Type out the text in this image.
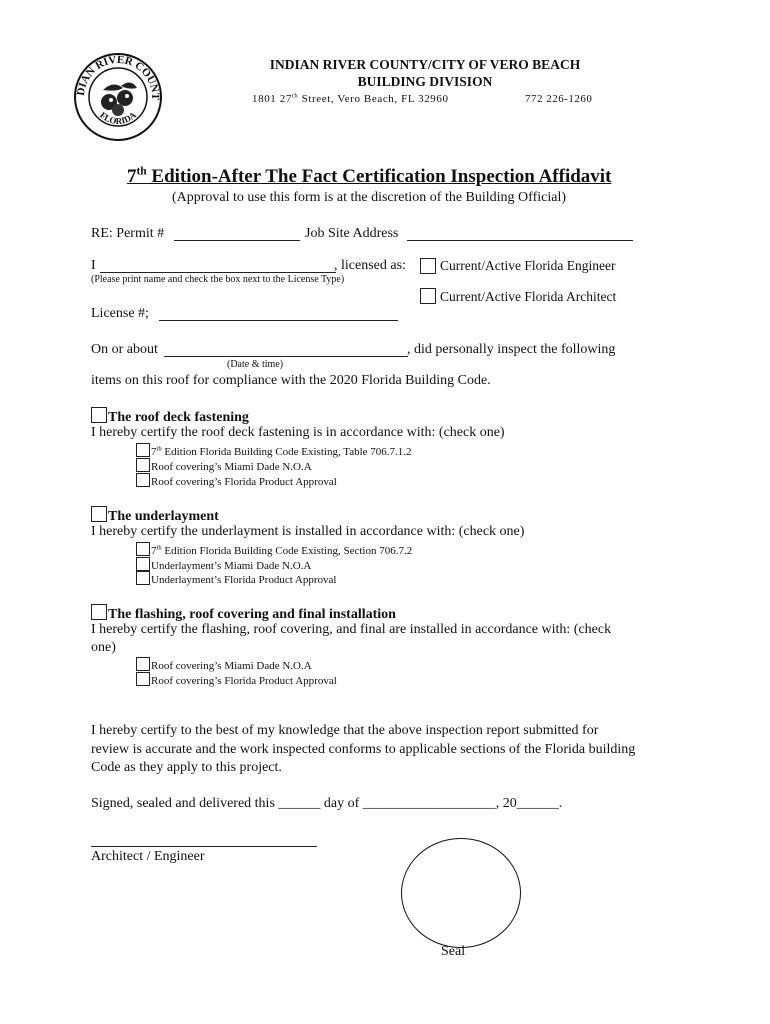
DIAN RIVER COUNT
FLORIDA
INDIAN RIVER COUNTY/CITY OF VERO BEACH
BUILDING DIVISION
1801 27th Street, Vero Beach, FL 32960	772 226-1260
7th Edition-After The Fact Certification Inspection Affidavit
(Approval to use this form is at the discretion of the Building Official)
RE: Permit #	Job Site Address
I	, licensed as:	Current/Active Florida Engineer
(Please print name and check the box next to the License Type)
Current/Active Florida Architect
License #;
On or about	, did personally inspect the following
(Date & time)
items on this roof for compliance with the 2020 Florida Building Code.
The roof deck fastening
I hereby certify the roof deck fastening is in accordance with: (check one)
7th Edition Florida Building Code Existing, Table 706.7.1.2
Roof covering’s Miami Dade N.O.A
Roof covering’s Florida Product Approval
The underlayment
I hereby certify the underlayment is installed in accordance with: (check one)
7th Edition Florida Building Code Existing, Section 706.7.2
Underlayment’s Miami Dade N.O.A
Underlayment’s Florida Product Approval
The flashing, roof covering and final installation
I hereby certify the flashing, roof covering, and final are installed in accordance with: (check
one)
Roof covering’s Miami Dade N.O.A
Roof covering’s Florida Product Approval
I hereby certify to the best of my knowledge that the above inspection report submitted for
review is accurate and the work inspected conforms to applicable sections of the Florida building
Code as they apply to this project.
Signed, sealed and delivered this ______ day of ___________________, 20______.
Architect / Engineer
Seal
